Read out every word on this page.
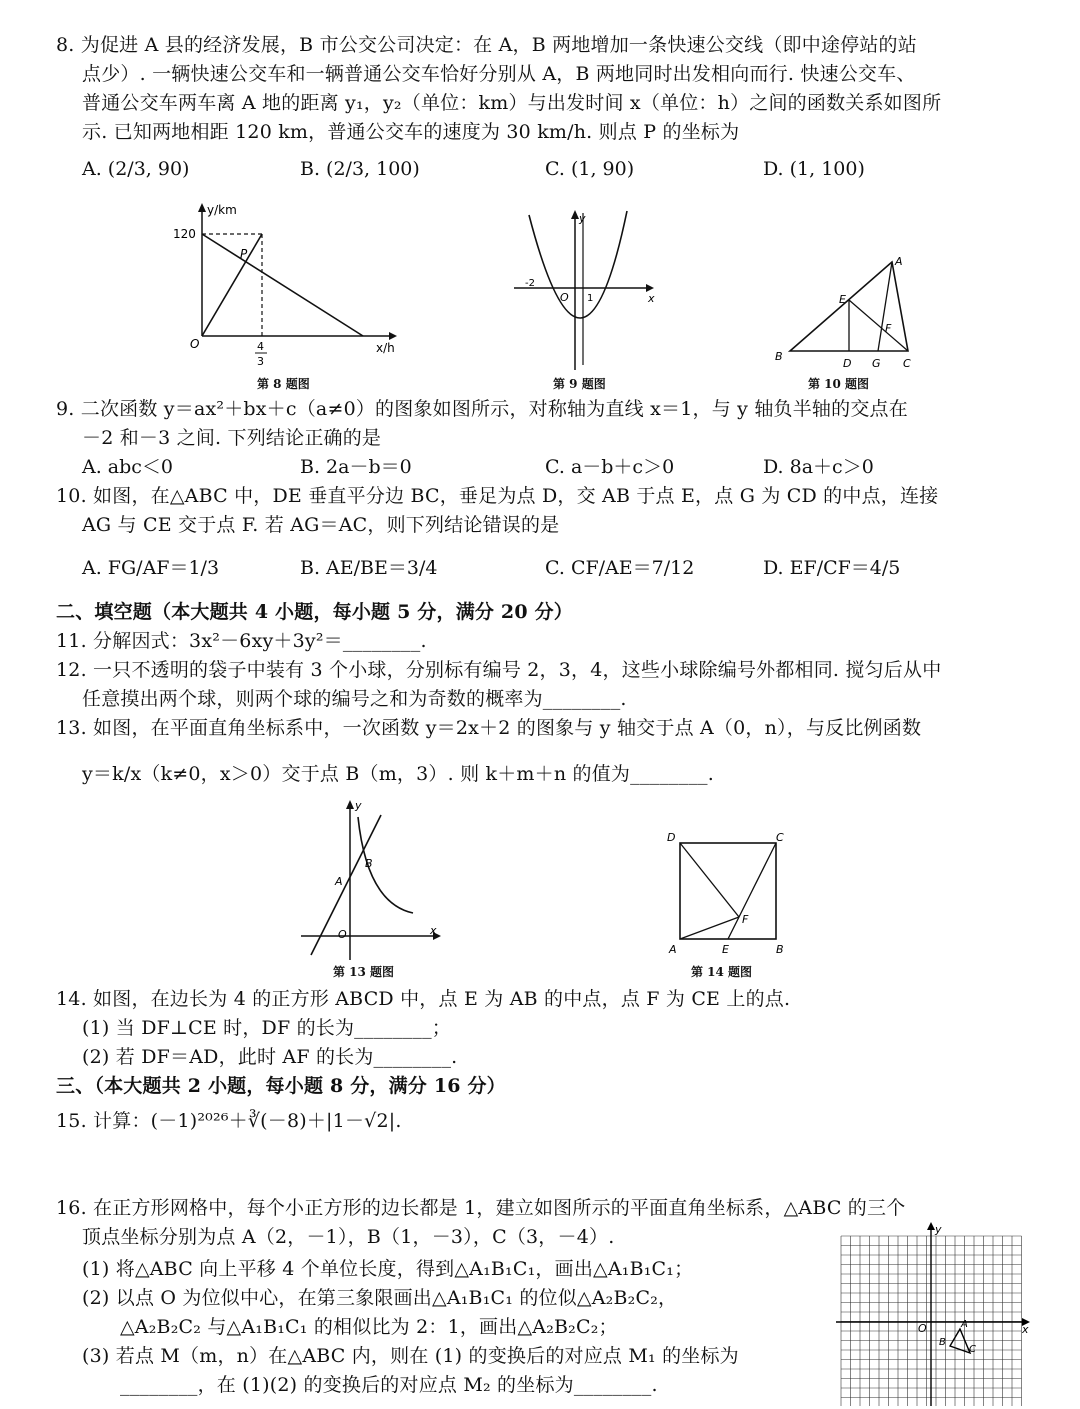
8. 为促进 A 县的经济发展，B 市公交公司决定：在 A，B 两地增加一条快速公交线（即中途停站的站
点少）. 一辆快速公交车和一辆普通公交车恰好分别从 A，B 两地同时出发相向而行. 快速公交车、
普通公交车两车离 A 地的距离 y₁，y₂（单位：km）与出发时间 x（单位：h）之间的函数关系如图所
示. 已知两地相距 120 km，普通公交车的速度为 30 km/h. 则点 P 的坐标为
A. (2/3, 90)	B. (2/3, 100)	C. (1, 90)	D. (1, 100)
y/km
120
O
P
4
3
x/h
第 8 题图
y
x
-2
O 1
第 9 题图
A
B
C
D
E
F
G
第 10 题图
9. 二次函数 y＝ax²＋bx＋c（a≠0）的图象如图所示，对称轴为直线 x＝1，与 y 轴负半轴的交点在
－2 和－3 之间. 下列结论正确的是
A. abc＜0	B. 2a－b＝0	C. a－b＋c＞0	D. 8a＋c＞0
10. 如图，在△ABC 中，DE 垂直平分边 BC，垂足为点 D，交 AB 于点 E，点 G 为 CD 的中点，连接
AG 与 CE 交于点 F. 若 AG＝AC，则下列结论错误的是
A. FG/AF＝1/3	B. AE/BE＝3/4	C. CF/AE＝7/12	D. EF/CF＝4/5
二、填空题（本大题共 4 小题，每小题 5 分，满分 20 分）
11. 分解因式：3x²－6xy＋3y²＝________.
12. 一只不透明的袋子中装有 3 个小球，分别标有编号 2，3，4，这些小球除编号外都相同. 搅匀后从中
任意摸出两个球，则两个球的编号之和为奇数的概率为________.
13. 如图，在平面直角坐标系中，一次函数 y＝2x＋2 的图象与 y 轴交于点 A（0，n），与反比例函数
y＝k/x（k≠0，x＞0）交于点 B（m，3）. 则 k＋m＋n 的值为________.
y
x
A
B
O
第 13 题图
D	C
A	B
E
F
第 14 题图
14. 如图，在边长为 4 的正方形 ABCD 中，点 E 为 AB 的中点，点 F 为 CE 上的点.
(1) 当 DF⊥CE 时，DF 的长为________；
(2) 若 DF＝AD，此时 AF 的长为________.
三、（本大题共 2 小题，每小题 8 分，满分 16 分）
15. 计算：(－1)²⁰²⁶＋∛(－8)＋|1－√2|.
16. 在正方形网格中，每个小正方形的边长都是 1，建立如图所示的平面直角坐标系，△ABC 的三个
顶点坐标分别为点 A（2，－1），B（1，－3），C（3，－4）.
(1) 将△ABC 向上平移 4 个单位长度，得到△A₁B₁C₁，画出△A₁B₁C₁；
(2) 以点 O 为位似中心，在第三象限画出△A₁B₁C₁ 的位似△A₂B₂C₂，
△A₂B₂C₂ 与△A₁B₁C₁ 的相似比为 2：1，画出△A₂B₂C₂；
(3) 若点 M（m，n）在△ABC 内，则在 (1) 的变换后的对应点 M₁ 的坐标为
________，在 (1)(2) 的变换后的对应点 M₂ 的坐标为________.
y
x
O	A
B
C
